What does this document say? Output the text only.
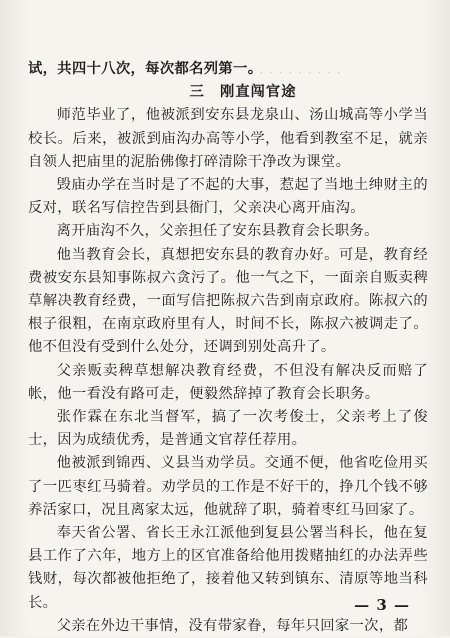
· · · · · · · · · ·

试，共四十八次，每次都名列第一。

三　刚直闯官途

师范毕业了，他被派到安东县龙泉山、汤山城高等小学当校长。后来，被派到庙沟办高等小学，他看到教室不足，就亲自领人把庙里的泥胎佛像打碎清除干净改为课堂。

毁庙办学在当时是了不起的大事，惹起了当地土绅财主的反对，联名写信控告到县衙门，父亲决心离开庙沟。

离开庙沟不久，父亲担任了安东县教育会长职务。

他当教育会长，真想把安东县的教育办好。可是，教育经费被安东县知事陈叔六贪污了。他一气之下，一面亲自贩卖稗草解决教育经费，一面写信把陈叔六告到南京政府。陈叔六的根子很粗，在南京政府里有人，时间不长，陈叔六被调走了。他不但没有受到什么处分，还调到别处高升了。

父亲贩卖稗草想解决教育经费，不但没有解决反而赔了帐，他一看没有路可走，便毅然辞掉了教育会长职务。

张作霖在东北当督军，搞了一次考俊士，父亲考上了俊士，因为成绩优秀，是普通文官荐任荐用。

他被派到锦西、义县当劝学员。交通不便，他省吃俭用买了一匹枣红马骑着。劝学员的工作是不好干的，挣几个钱不够养活家口，况且离家太远，他就辞了职，骑着枣红马回家了。

奉天省公署、省长王永江派他到复县公署当科长，他在复县工作了六年，地方上的区官准备给他用拨赌抽红的办法弄些钱财，每次都被他拒绝了，接着他又转到镇东、清原等地当科长。

父亲在外边干事情，没有带家眷，每年只回家一次，都

— 3 —
